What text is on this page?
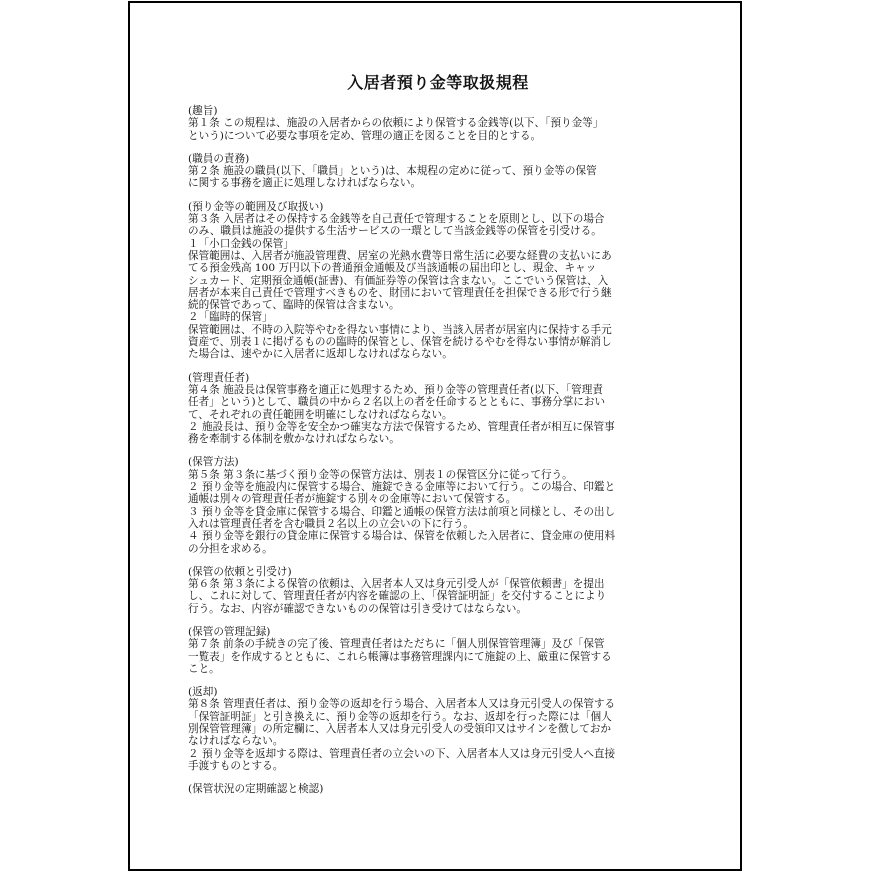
入居者預り金等取扱規程
(趣旨)
第１条 この規程は、施設の入居者からの依頼により保管する金銭等(以下、「預り金等」
という)について必要な事項を定め、管理の適正を図ることを目的とする。
(職員の責務)
第２条 施設の職員(以下、「職員」という)は、本規程の定めに従って、預り金等の保管
に関する事務を適正に処理しなければならない。
(預り金等の範囲及び取扱い)
第３条 入居者はその保持する金銭等を自己責任で管理することを原則とし、以下の場合
のみ、職員は施設の提供する生活サービスの一環として当該金銭等の保管を引受ける。
１「小口金銭の保管」
保管範囲は、入居者が施設管理費、居室の光熱水費等日常生活に必要な経費の支払いにあ
てる預金残高 100 万円以下の普通預金通帳及び当該通帳の届出印とし、現金、キャッ
シュカード、定期預金通帳(証書)、有価証券等の保管は含まない。ここでいう保管は、入
居者が本来自己責任で管理すべきものを、財団において管理責任を担保できる形で行う継
続的保管であって、臨時的保管は含まない。
２「臨時的保管」
保管範囲は、不時の入院等やむを得ない事情により、当該入居者が居室内に保持する手元
資産で、別表１に掲げるものの臨時的保管とし、保管を続けるやむを得ない事情が解消し
た場合は、速やかに入居者に返却しなければならない。
(管理責任者)
第４条 施設長は保管事務を適正に処理するため、預り金等の管理責任者(以下、「管理責
任者」という)として、職員の中から２名以上の者を任命するとともに、事務分掌におい
て、それぞれの責任範囲を明確にしなければならない。
２ 施設長は、預り金等を安全かつ確実な方法で保管するため、管理責任者が相互に保管事
務を牽制する体制を敷かなければならない。
(保管方法)
第５条 第３条に基づく預り金等の保管方法は、別表１の保管区分に従って行う。
２ 預り金等を施設内に保管する場合、施錠できる金庫等において行う。この場合、印鑑と
通帳は別々の管理責任者が施錠する別々の金庫等において保管する。
３ 預り金等を貸金庫に保管する場合、印鑑と通帳の保管方法は前項と同様とし、その出し
入れは管理責任者を含む職員２名以上の立会いの下に行う。
４ 預り金等を銀行の貸金庫に保管する場合は、保管を依頼した入居者に、貸金庫の使用料
の分担を求める。
(保管の依頼と引受け)
第６条 第３条による保管の依頼は、入居者本人又は身元引受人が「保管依頼書」を提出
し、これに対して、管理責任者が内容を確認の上、「保管証明証」を交付することにより
行う。なお、内容が確認できないものの保管は引き受けてはならない。
(保管の管理記録)
第７条 前条の手続きの完了後、管理責任者はただちに「個人別保管管理簿」及び「保管
一覧表」を作成するとともに、これら帳簿は事務管理課内にて施錠の上、厳重に保管する
こと。
(返却)
第８条 管理責任者は、預り金等の返却を行う場合、入居者本人又は身元引受人の保管する
「保管証明証」と引き換えに、預り金等の返却を行う。なお、返却を行った際には「個人
別保管管理簿」の所定欄に、入居者本人又は身元引受人の受領印又はサインを徴しておか
なければならない。
２ 預り金等を返却する際は、管理責任者の立会いの下、入居者本人又は身元引受人へ直接
手渡すものとする。
(保管状況の定期確認と検認)
